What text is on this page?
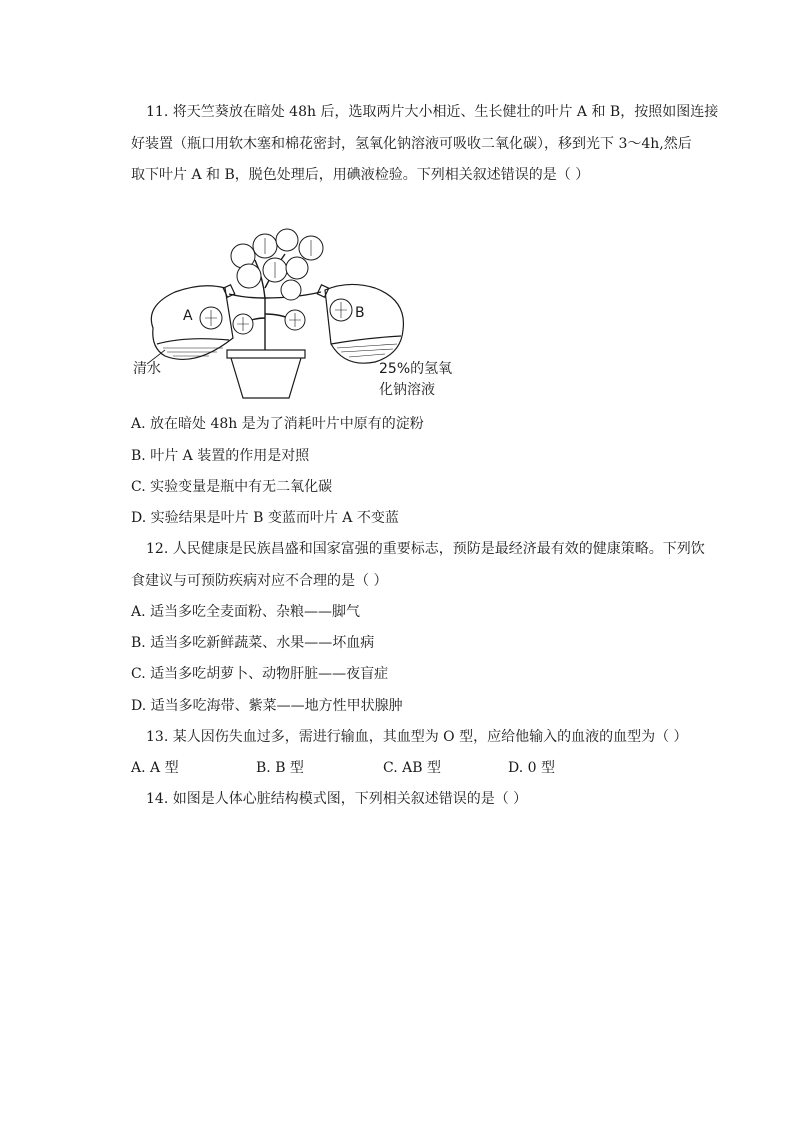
11. 将天竺葵放在暗处 48h 后，选取两片大小相近、生长健壮的叶片 A 和 B，按照如图连接
好装置（瓶口用软木塞和棉花密封，氢氧化钠溶液可吸收二氧化碳），移到光下 3～4h,然后
取下叶片 A 和 B，脱色处理后，用碘液检验。下列相关叙述错误的是（ ）
A
清水
B
25%的氢氧
化钠溶液
A. 放在暗处 48h 是为了消耗叶片中原有的淀粉
B. 叶片 A 装置的作用是对照
C. 实验变量是瓶中有无二氧化碳
D. 实验结果是叶片 B 变蓝而叶片 A 不变蓝
12. 人民健康是民族昌盛和国家富强的重要标志，预防是最经济最有效的健康策略。下列饮
食建议与可预防疾病对应不合理的是（ ）
A. 适当多吃全麦面粉、杂粮——脚气
B. 适当多吃新鲜蔬菜、水果——坏血病
C. 适当多吃胡萝卜、动物肝脏——夜盲症
D. 适当多吃海带、紫菜——地方性甲状腺肿
13. 某人因伤失血过多，需进行输血，其血型为 O 型，应给他输入的血液的血型为（ ）
A. A 型	B. B 型	C. AB 型	D. 0 型
14. 如图是人体心脏结构模式图，下列相关叙述错误的是（ ）
